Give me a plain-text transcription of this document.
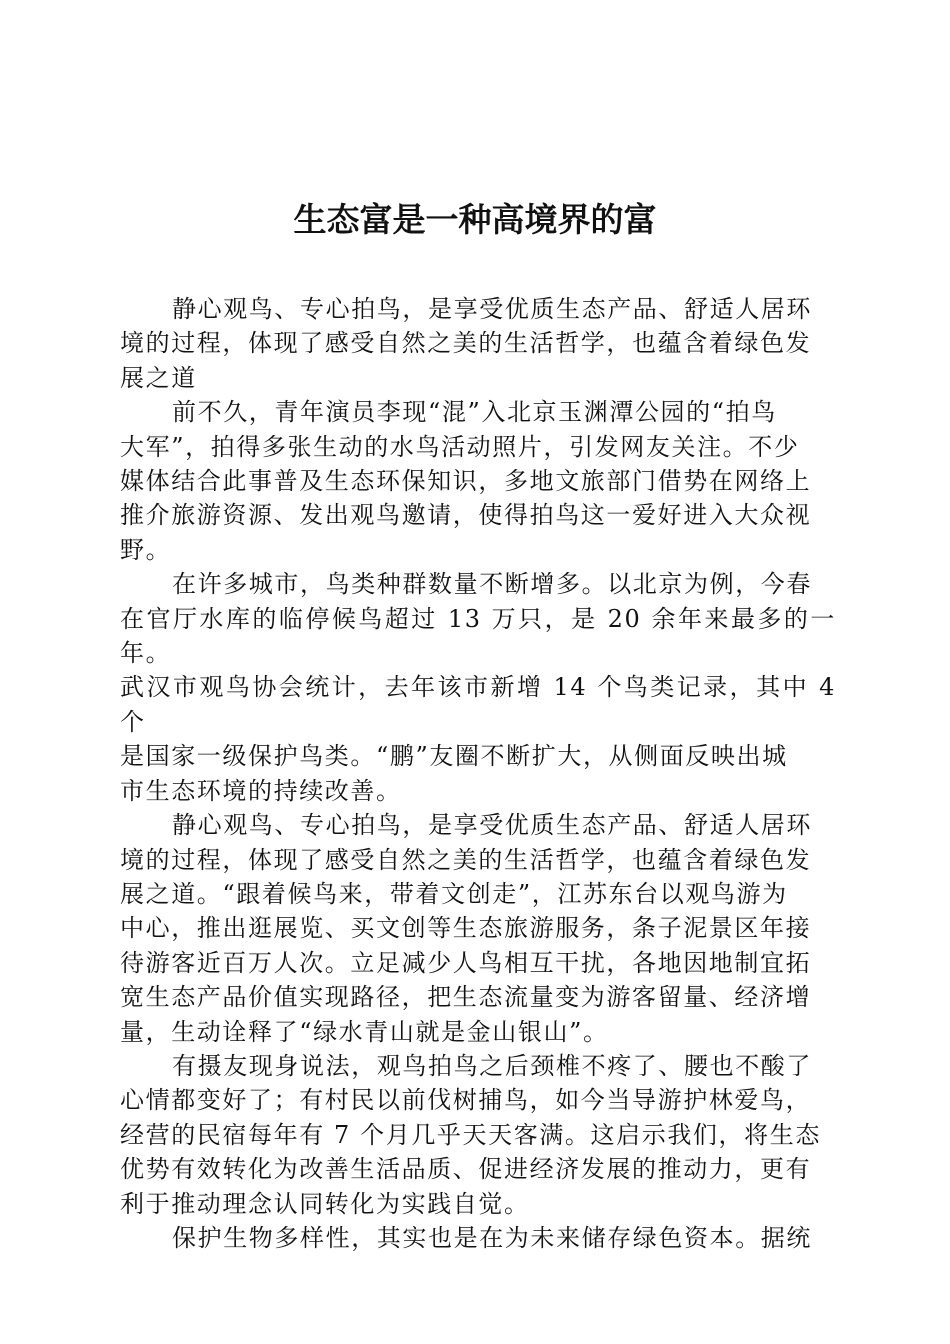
生态富是一种高境界的富

静心观鸟、专心拍鸟，是享受优质生态产品、舒适人居环
境的过程，体现了感受自然之美的生活哲学，也蕴含着绿色发
展之道

前不久，青年演员李现“混”入北京玉渊潭公园的“拍鸟
大军”，拍得多张生动的水鸟活动照片，引发网友关注。不少
媒体结合此事普及生态环保知识，多地文旅部门借势在网络上
推介旅游资源、发出观鸟邀请，使得拍鸟这一爱好进入大众视
野。

在许多城市，鸟类种群数量不断增多。以北京为例，今春
在官厅水库的临停候鸟超过 13 万只，是 20 余年来最多的一年。
武汉市观鸟协会统计，去年该市新增 14 个鸟类记录，其中 4 个
是国家一级保护鸟类。“鹏”友圈不断扩大，从侧面反映出城
市生态环境的持续改善。

静心观鸟、专心拍鸟，是享受优质生态产品、舒适人居环
境的过程，体现了感受自然之美的生活哲学，也蕴含着绿色发
展之道。“跟着候鸟来，带着文创走”，江苏东台以观鸟游为
中心，推出逛展览、买文创等生态旅游服务，条子泥景区年接
待游客近百万人次。立足减少人鸟相互干扰，各地因地制宜拓
宽生态产品价值实现路径，把生态流量变为游客留量、经济增
量，生动诠释了“绿水青山就是金山银山”。

有摄友现身说法，观鸟拍鸟之后颈椎不疼了、腰也不酸了
心情都变好了；有村民以前伐树捕鸟，如今当导游护林爱鸟，
经营的民宿每年有 7 个月几乎天天客满。这启示我们，将生态
优势有效转化为改善生活品质、促进经济发展的推动力，更有
利于推动理念认同转化为实践自觉。

保护生物多样性，其实也是在为未来储存绿色资本。据统
